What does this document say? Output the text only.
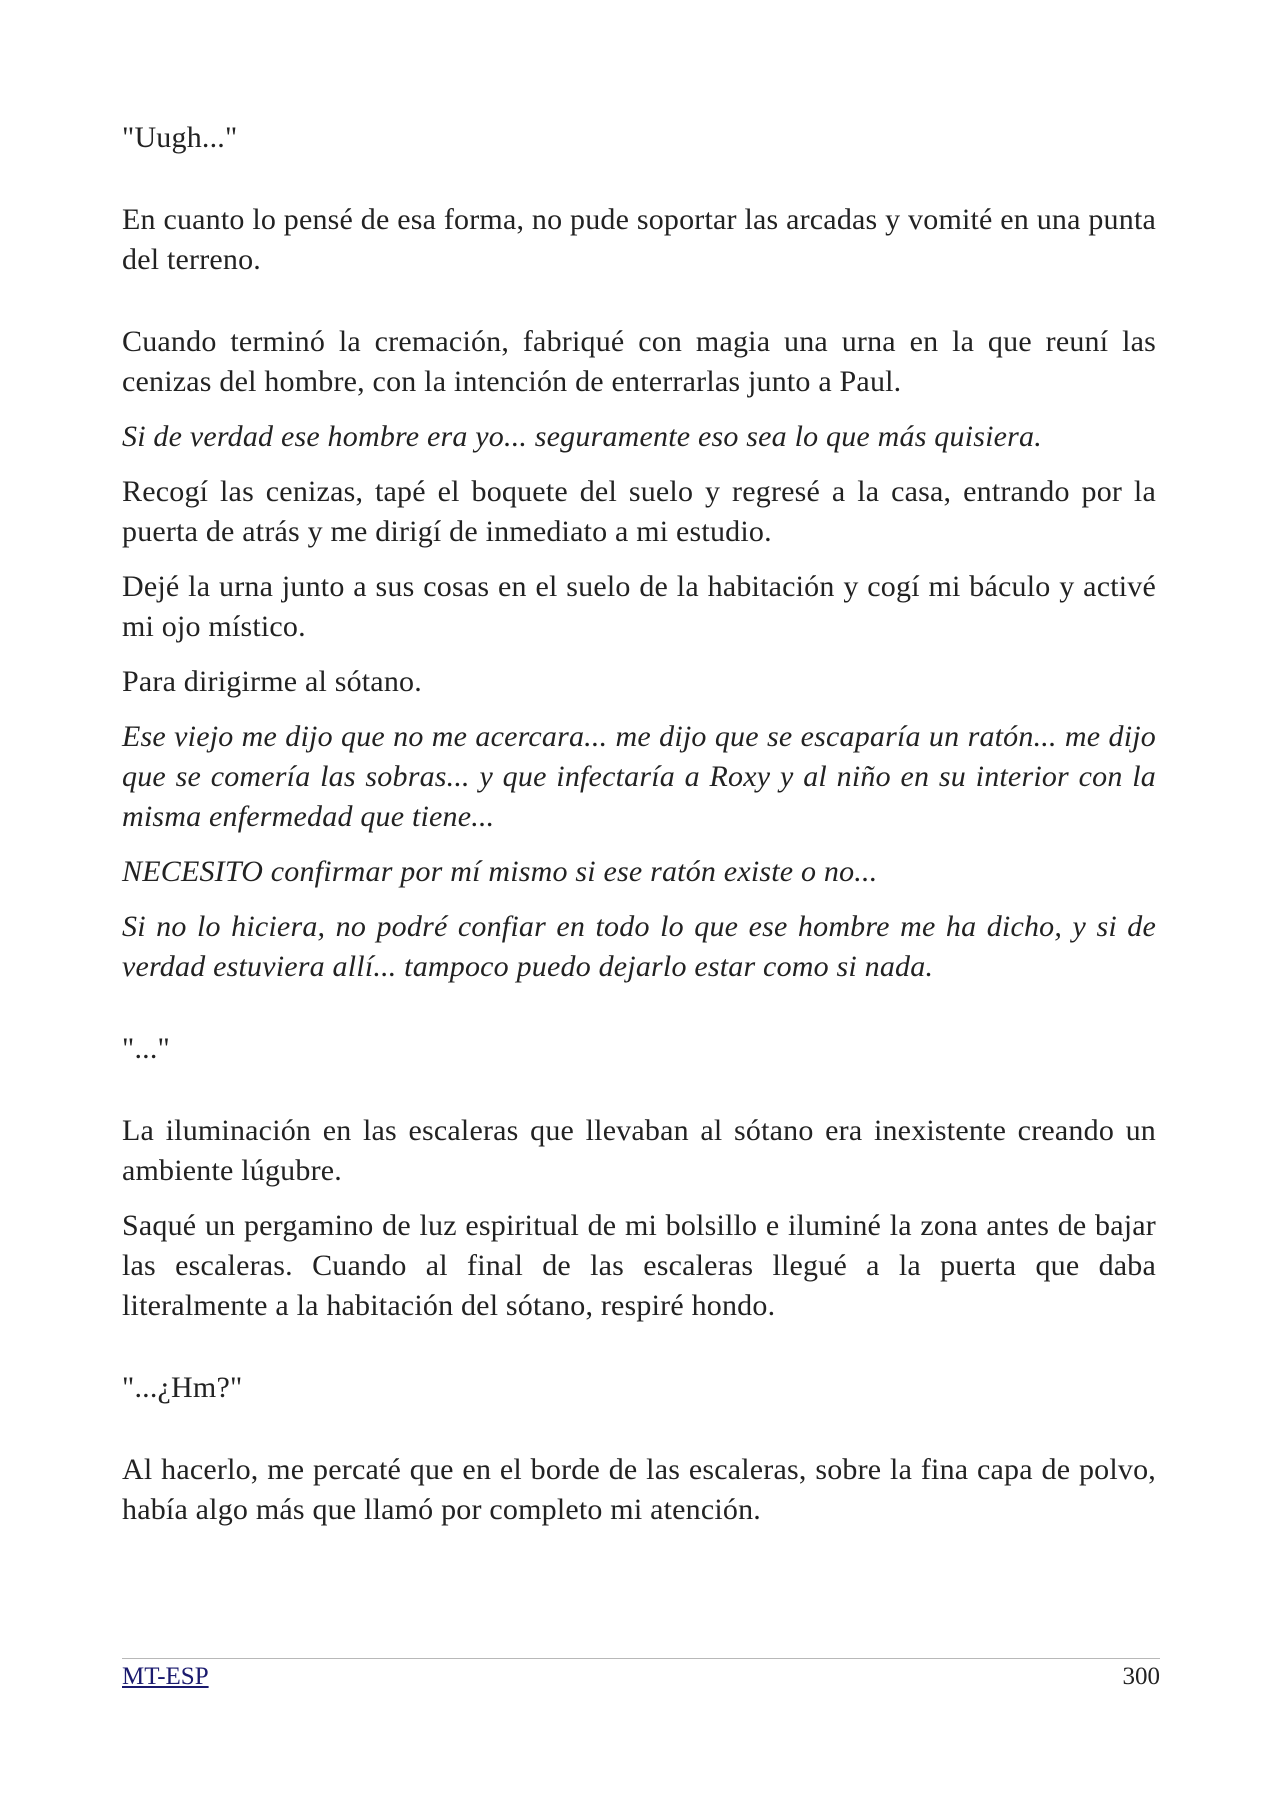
"Uugh..."

En cuanto lo pensé de esa forma, no pude soportar las arcadas y vomité en una punta del terreno.

Cuando terminó la cremación, fabriqué con magia una urna en la que reuní las cenizas del hombre, con la intención de enterrarlas junto a Paul.

Si de verdad ese hombre era yo... seguramente eso sea lo que más quisiera.

Recogí las cenizas, tapé el boquete del suelo y regresé a la casa, entrando por la puerta de atrás y me dirigí de inmediato a mi estudio.

Dejé la urna junto a sus cosas en el suelo de la habitación y cogí mi báculo y activé mi ojo místico.

Para dirigirme al sótano.

Ese viejo me dijo que no me acercara... me dijo que se escaparía un ratón... me dijo que se comería las sobras... y que infectaría a Roxy y al niño en su interior con la misma enfermedad que tiene...

NECESITO confirmar por mí mismo si ese ratón existe o no...

Si no lo hiciera, no podré confiar en todo lo que ese hombre me ha dicho, y si de verdad estuviera allí... tampoco puedo dejarlo estar como si nada.

"..."

La iluminación en las escaleras que llevaban al sótano era inexistente creando un ambiente lúgubre.

Saqué un pergamino de luz espiritual de mi bolsillo e iluminé la zona antes de bajar las escaleras. Cuando al final de las escaleras llegué a la puerta que daba literalmente a la habitación del sótano, respiré hondo.

"...¿Hm?"

Al hacerlo, me percaté que en el borde de las escaleras, sobre la fina capa de polvo, había algo más que llamó por completo mi atención.

MT-ESP	300
